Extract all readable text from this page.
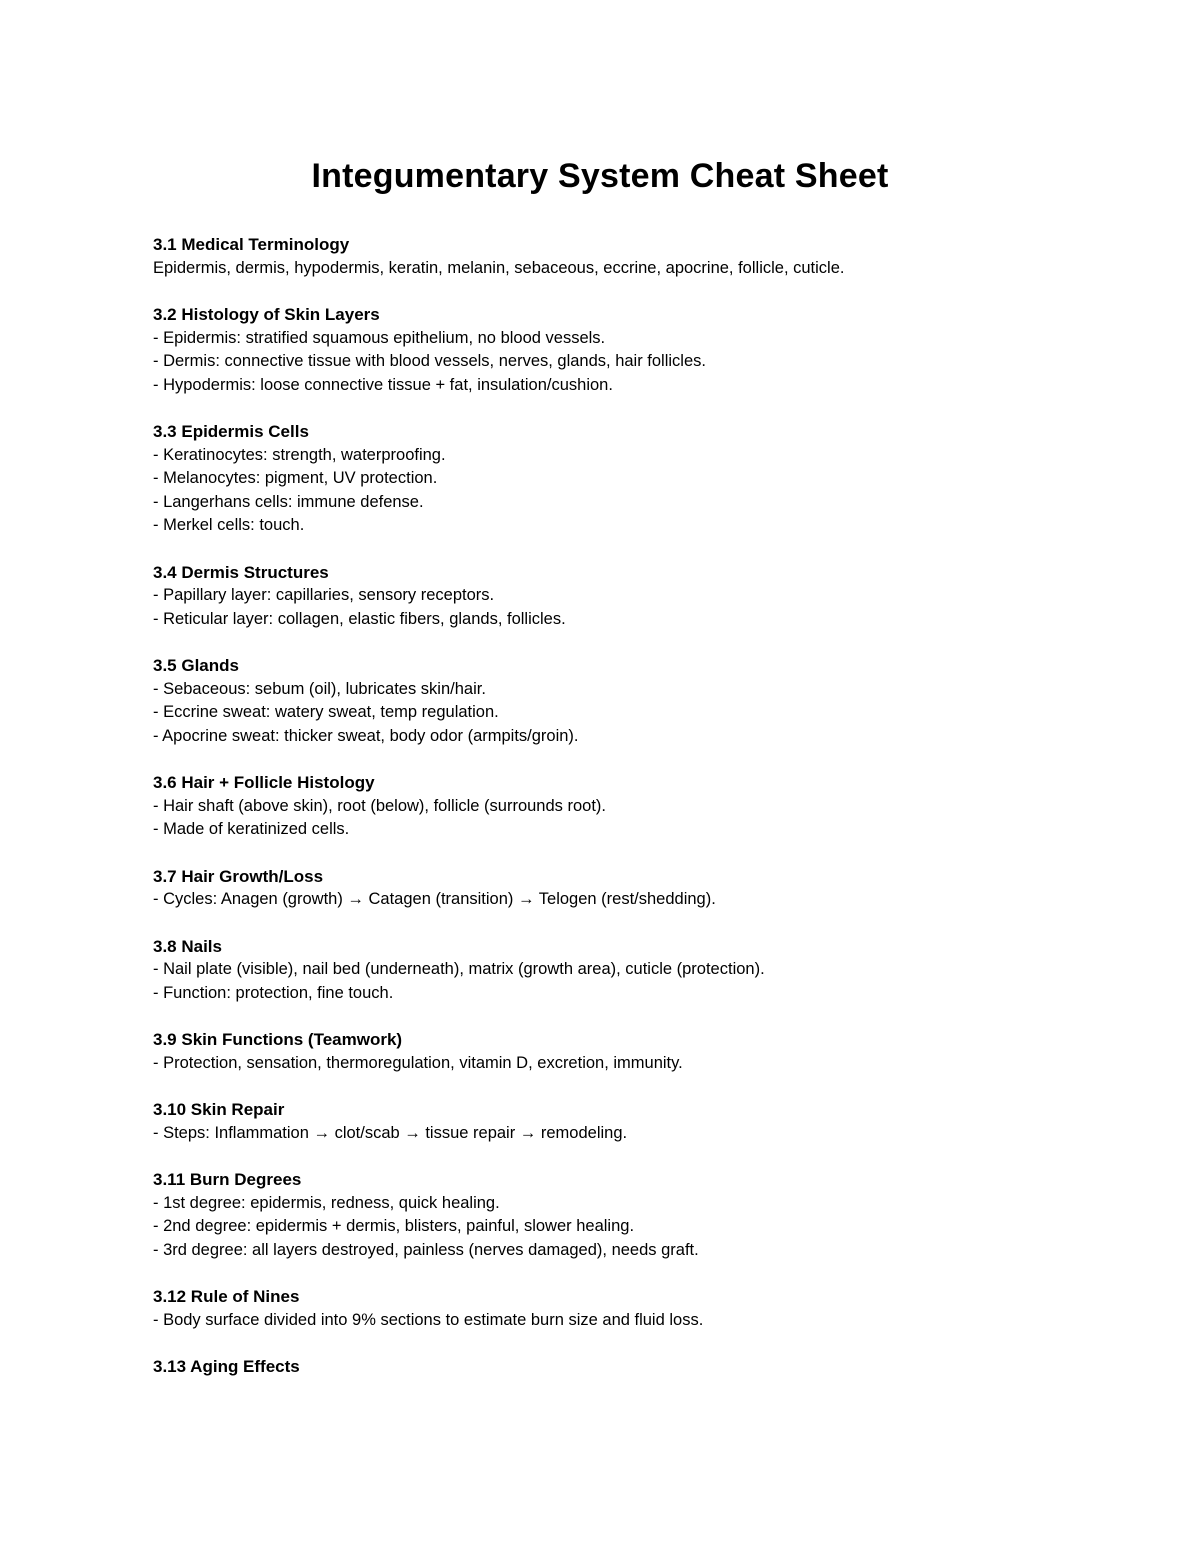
Integumentary System Cheat Sheet
3.1 Medical Terminology
Epidermis, dermis, hypodermis, keratin, melanin, sebaceous, eccrine, apocrine, follicle, cuticle.
3.2 Histology of Skin Layers
- Epidermis: stratified squamous epithelium, no blood vessels.
- Dermis: connective tissue with blood vessels, nerves, glands, hair follicles.
- Hypodermis: loose connective tissue + fat, insulation/cushion.
3.3 Epidermis Cells
- Keratinocytes: strength, waterproofing.
- Melanocytes: pigment, UV protection.
- Langerhans cells: immune defense.
- Merkel cells: touch.
3.4 Dermis Structures
- Papillary layer: capillaries, sensory receptors.
- Reticular layer: collagen, elastic fibers, glands, follicles.
3.5 Glands
- Sebaceous: sebum (oil), lubricates skin/hair.
- Eccrine sweat: watery sweat, temp regulation.
- Apocrine sweat: thicker sweat, body odor (armpits/groin).
3.6 Hair + Follicle Histology
- Hair shaft (above skin), root (below), follicle (surrounds root).
- Made of keratinized cells.
3.7 Hair Growth/Loss
- Cycles: Anagen (growth) → Catagen (transition) → Telogen (rest/shedding).
3.8 Nails
- Nail plate (visible), nail bed (underneath), matrix (growth area), cuticle (protection).
- Function: protection, fine touch.
3.9 Skin Functions (Teamwork)
- Protection, sensation, thermoregulation, vitamin D, excretion, immunity.
3.10 Skin Repair
- Steps: Inflammation → clot/scab → tissue repair → remodeling.
3.11 Burn Degrees
- 1st degree: epidermis, redness, quick healing.
- 2nd degree: epidermis + dermis, blisters, painful, slower healing.
- 3rd degree: all layers destroyed, painless (nerves damaged), needs graft.
3.12 Rule of Nines
- Body surface divided into 9% sections to estimate burn size and fluid loss.
3.13 Aging Effects
